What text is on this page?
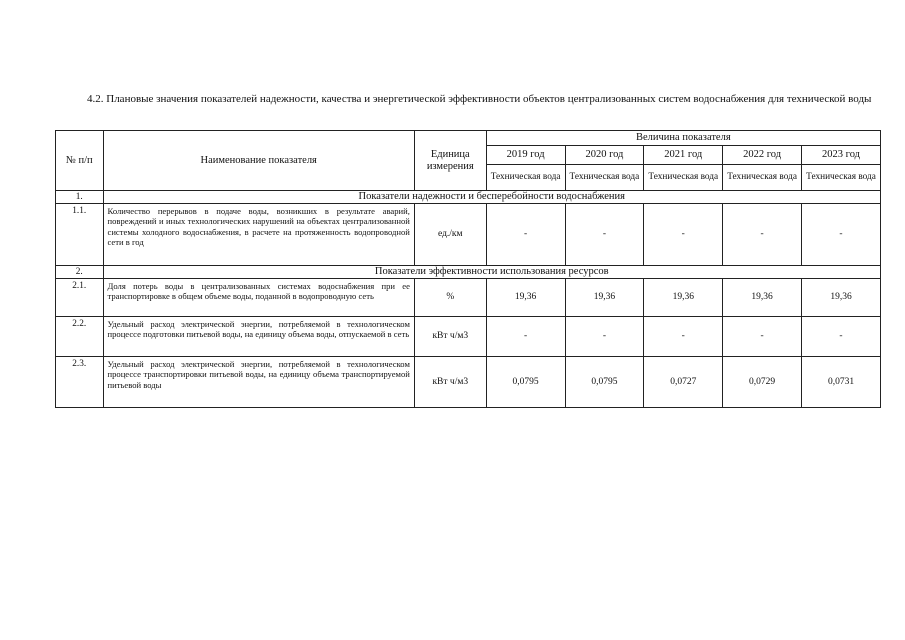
4.2. Плановые значения показателей надежности, качества и энергетической эффективности объектов централизованных систем водоснабжения для технической воды
№ п/п	Наименование показателя	Единица измерения	Величина показателя				
			2019 год	2020 год	2021 год	2022 год	2023 год
			Техническая вода	Техническая вода	Техническая вода	Техническая вода	Техническая вода
1.	Показатели надежности и бесперебойности водоснабжения						
1.1.	Количество перерывов в подаче воды, возникших в результате аварий, повреждений и иных технологических нарушений на объектах централизованной системы холодного водоснабжения, в расчете на протяженность водопроводной сети в год	ед./км	-	-	-	-	-
2.	Показатели эффективности использования ресурсов						
2.1.	Доля потерь воды в централизованных системах водоснабжения при ее транспортировке в общем объеме воды, поданной в водопроводную сеть	%	19,36	19,36	19,36	19,36	19,36
2.2.	Удельный расход электрической энергии, потребляемой в технологическом процессе подготовки питьевой воды, на единицу объема воды, отпускаемой в сеть	кВт ч/м3	-	-	-	-	-
2.3.	Удельный расход электрической энергии, потребляемой в технологическом процессе транспортировки питьевой воды, на единицу объема транспортируемой питьевой воды	кВт ч/м3	0,0795	0,0795	0,0727	0,0729	0,0731
